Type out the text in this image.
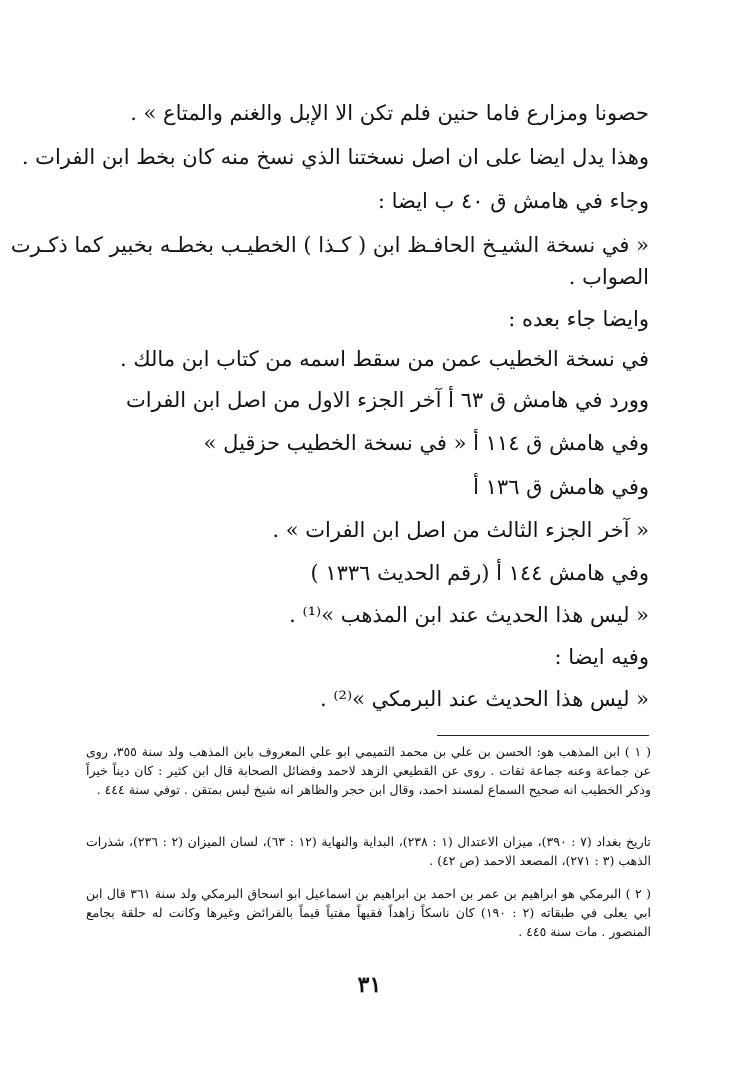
حصونا ومزارع فاما حنين فلم تكن الا الإبل والغنم والمتاع » .
وهذا يدل ايضا على ان اصل نسختنا الذي نسخ منه كان بخط ابن الفرات .
وجاء في هامش ق ٤٠ ب ايضا :
« في نسخة الشيـخ الحافـظ ابن ( كـذا ) الخطيـب بخطـه بخبير كما ذكـرت
الصواب .
وايضا جاء بعده :
في نسخة الخطيب عمن من سقط اسمه من كتاب ابن مالك .
وورد في هامش ق ٦٣ أ آخر الجزء الاول من اصل ابن الفرات
وفي هامش ق ١١٤ أ « في نسخة الخطيب حزقيل »
وفي هامش ق ١٣٦ أ
« آخر الجزء الثالث من اصل ابن الفرات » .
وفي هامش ١٤٤ أ (رقم الحديث ١٣٣٦ )
« ليس هذا الحديث عند ابن المذهب »⁽¹⁾ .
وفيه ايضا :
« ليس هذا الحديث عند البرمكي »⁽²⁾ .

( ١ ) ابن المذهب هو: الحسن بن علي بن محمد التميمي ابو علي المعروف بابن المذهب ولد سنة ٣٥٥، روى عن جماعة وعنه جماعة ثقات . روى عن القطيعي الزهد لاحمد وفضائل الصحابة قال ابن كثير : كان ديناً خيراً وذكر الخطيب انه صحيح السماع لمسند احمد، وقال ابن حجر والظاهر انه شيخ ليس بمتقن . توفي سنة ٤٤٤ .

تاريخ بغداد (٧ : ٣٩٠)، ميزان الاعتدال (١ : ٢٣٨)، البداية والنهاية (١٢ : ٦٣)، لسان الميزان (٢ : ٢٣٦)، شذرات الذهب (٣ : ٢٧١)، المصعد الاحمد (ص ٤٢) .

( ٢ ) البرمكي هو ابراهيم بن عمر بن احمد بن ابراهيم بن اسماعيل ابو اسحاق البرمكي ولد سنة ٣٦١ قال ابن ابي يعلى في طبقاته (٢ : ١٩٠) كان ناسكاً زاهداً فقيهاً مفتياً قيماً بالفرائض وغيرها وكانت له حلقة بجامع المنصور . مات سنة ٤٤٥ .

٣١
